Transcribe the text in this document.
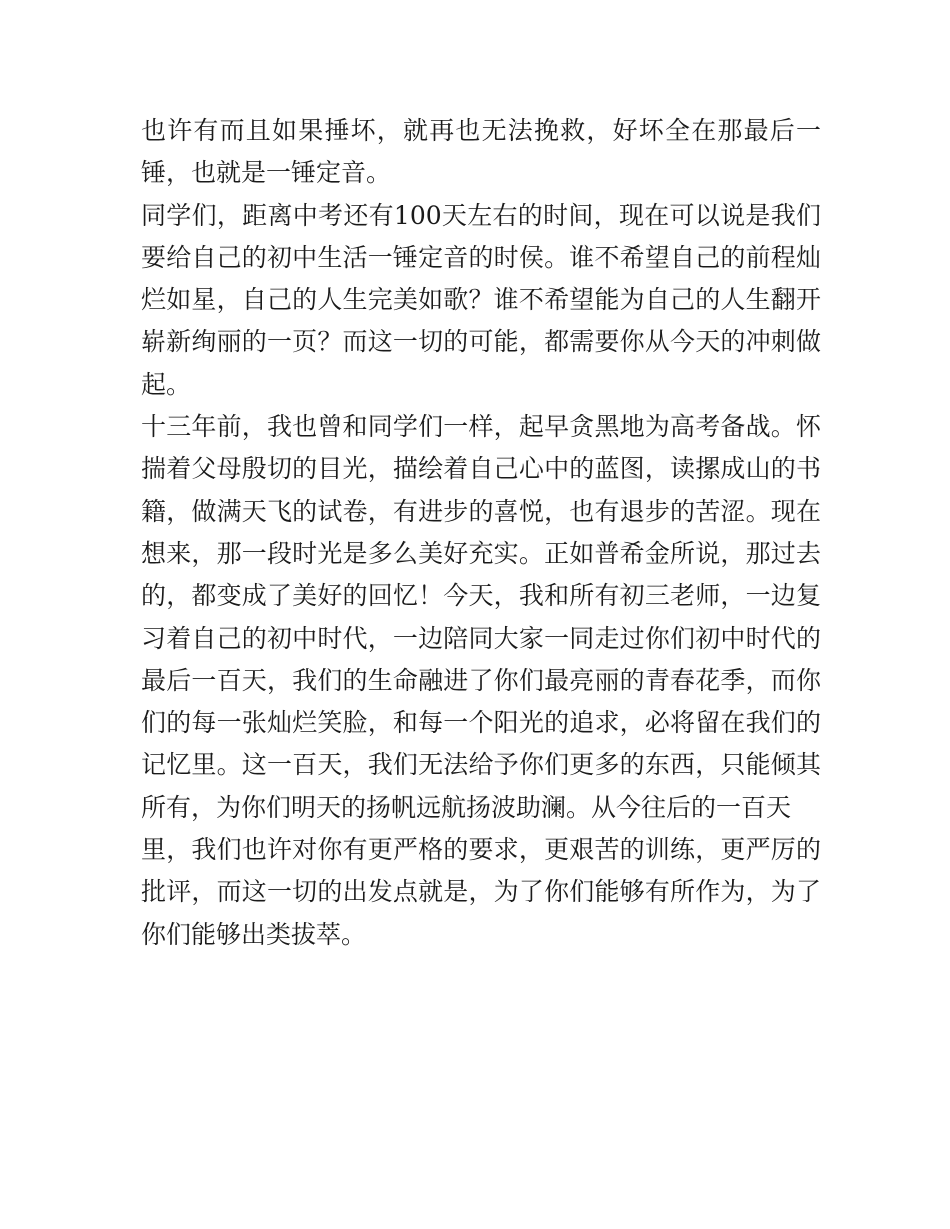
也许有而且如果捶坏，就再也无法挽救，好坏全在那最后一
锤，也就是一锤定音。
同学们，距离中考还有100天左右的时间，现在可以说是我们
要给自己的初中生活一锤定音的时侯。谁不希望自己的前程灿
烂如星，自己的人生完美如歌？谁不希望能为自己的人生翻开
崭新绚丽的一页？而这一切的可能，都需要你从今天的冲刺做
起。
十三年前，我也曾和同学们一样，起早贪黑地为高考备战。怀
揣着父母殷切的目光，描绘着自己心中的蓝图，读摞成山的书
籍，做满天飞的试卷，有进步的喜悦，也有退步的苦涩。现在
想来，那一段时光是多么美好充实。正如普希金所说，那过去
的，都变成了美好的回忆！今天，我和所有初三老师，一边复
习着自己的初中时代，一边陪同大家一同走过你们初中时代的
最后一百天，我们的生命融进了你们最亮丽的青春花季，而你
们的每一张灿烂笑脸，和每一个阳光的追求，必将留在我们的
记忆里。这一百天，我们无法给予你们更多的东西，只能倾其
所有，为你们明天的扬帆远航扬波助澜。从今往后的一百天
里，我们也许对你有更严格的要求，更艰苦的训练，更严厉的
批评，而这一切的出发点就是，为了你们能够有所作为，为了
你们能够出类拔萃。
